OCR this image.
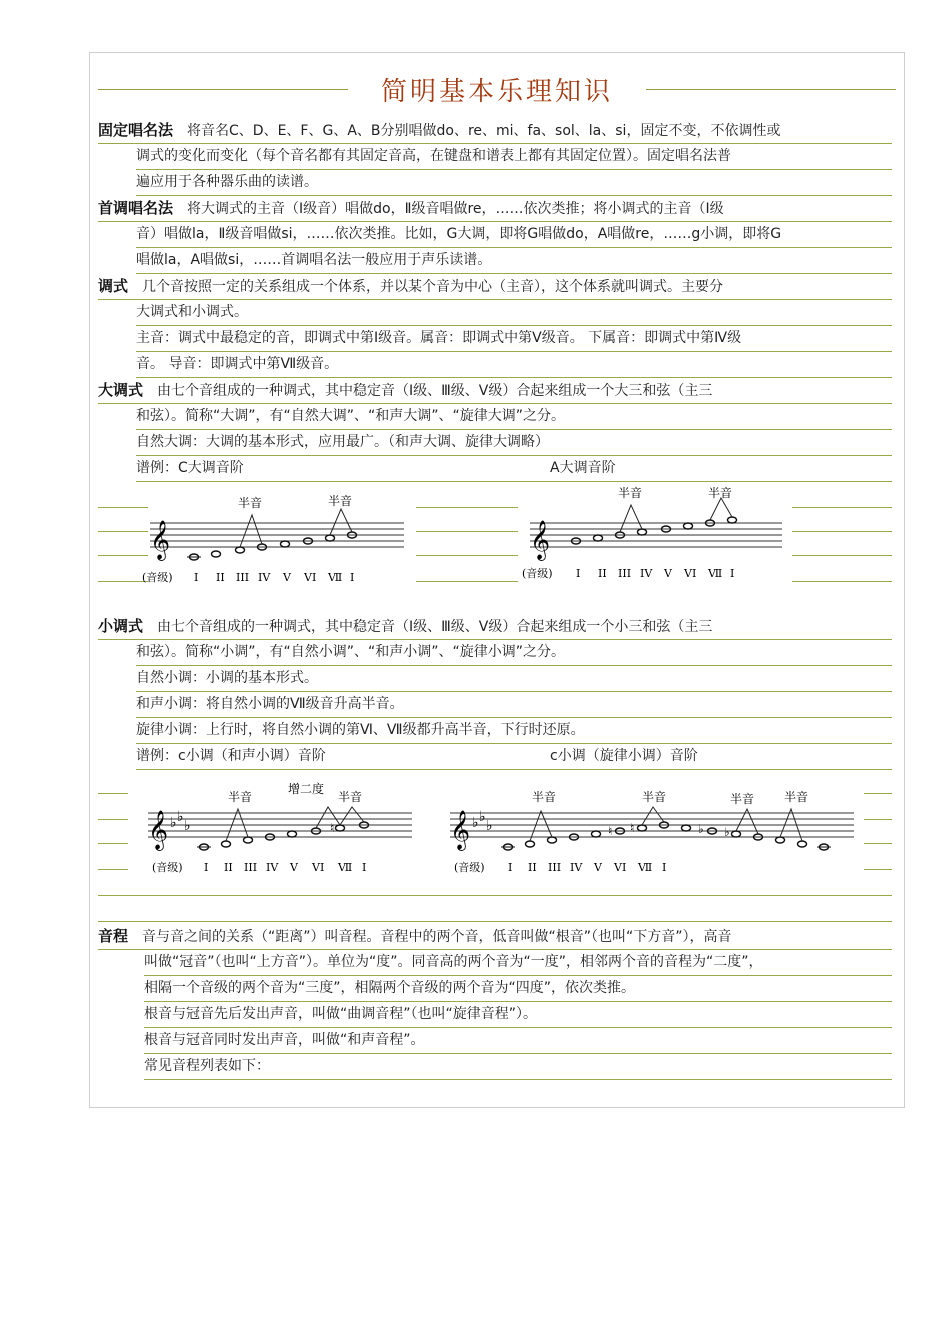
简明基本乐理知识
固定唱名法 将音名C、D、E、F、G、A、B分别唱做do、re、mi、fa、sol、la、si，固定不变，不依调性或
调式的变化而变化（每个音名都有其固定音高，在键盘和谱表上都有其固定位置）。固定唱名法普
遍应用于各种器乐曲的读谱。
首调唱名法 将大调式的主音（Ⅰ级音）唱做do，Ⅱ级音唱做re，……依次类推；将小调式的主音（Ⅰ级
音）唱做la，Ⅱ级音唱做si，……依次类推。比如，G大调，即将G唱做do，A唱做re，……g小调，即将G
唱做la，A唱做si，……首调唱名法一般应用于声乐读谱。
调式 几个音按照一定的关系组成一个体系，并以某个音为中心（主音），这个体系就叫调式。主要分
大调式和小调式。
主音：调式中最稳定的音，即调式中第Ⅰ级音。属音：即调式中第Ⅴ级音。 下属音：即调式中第Ⅳ级
音。 导音：即调式中第Ⅶ级音。
大调式 由七个音组成的一种调式，其中稳定音（Ⅰ级、Ⅲ级、Ⅴ级）合起来组成一个大三和弦（主三
和弦）。简称“大调”，有“自然大调”、“和声大调”、“旋律大调”之分。
自然大调：大调的基本形式，应用最广。（和声大调、旋律大调略）
谱例：C大调音阶	A大调音阶
𝄞
半音	半音
(音级) I II III IV V VI Ⅶ I
𝄞
半音	半音
(音级) I II III IV V VI Ⅶ I
小调式 由七个音组成的一种调式，其中稳定音（Ⅰ级、Ⅲ级、Ⅴ级）合起来组成一个小三和弦（主三
和弦）。简称“小调”，有“自然小调”、“和声小调”、“旋律小调”之分。
自然小调：小调的基本形式。
和声小调：将自然小调的Ⅶ级音升高半音。
旋律小调：上行时，将自然小调的第Ⅵ、Ⅶ级都升高半音，下行时还原。
谱例：c小调（和声小调）音阶	c小调（旋律小调）音阶
𝄞 ♭ ♭
♭	♮
半音
增二度
半音
(音级) I II III IV V VI Ⅶ I
𝄞 ♭ ♭
♭	♮ ♮	♭ ♭
半音	半音	半音 半音
(音级) I II III IV V VI Ⅶ I
音程 音与音之间的关系（“距离”）叫音程。音程中的两个音，低音叫做“根音”（也叫“下方音”），高音
叫做“冠音”（也叫“上方音”）。单位为“度”。同音高的两个音为“一度”，相邻两个音的音程为“二度”，
相隔一个音级的两个音为“三度”，相隔两个音级的两个音为“四度”，依次类推。
根音与冠音先后发出声音，叫做“曲调音程”（也叫“旋律音程”）。
根音与冠音同时发出声音，叫做“和声音程”。
常见音程列表如下：
